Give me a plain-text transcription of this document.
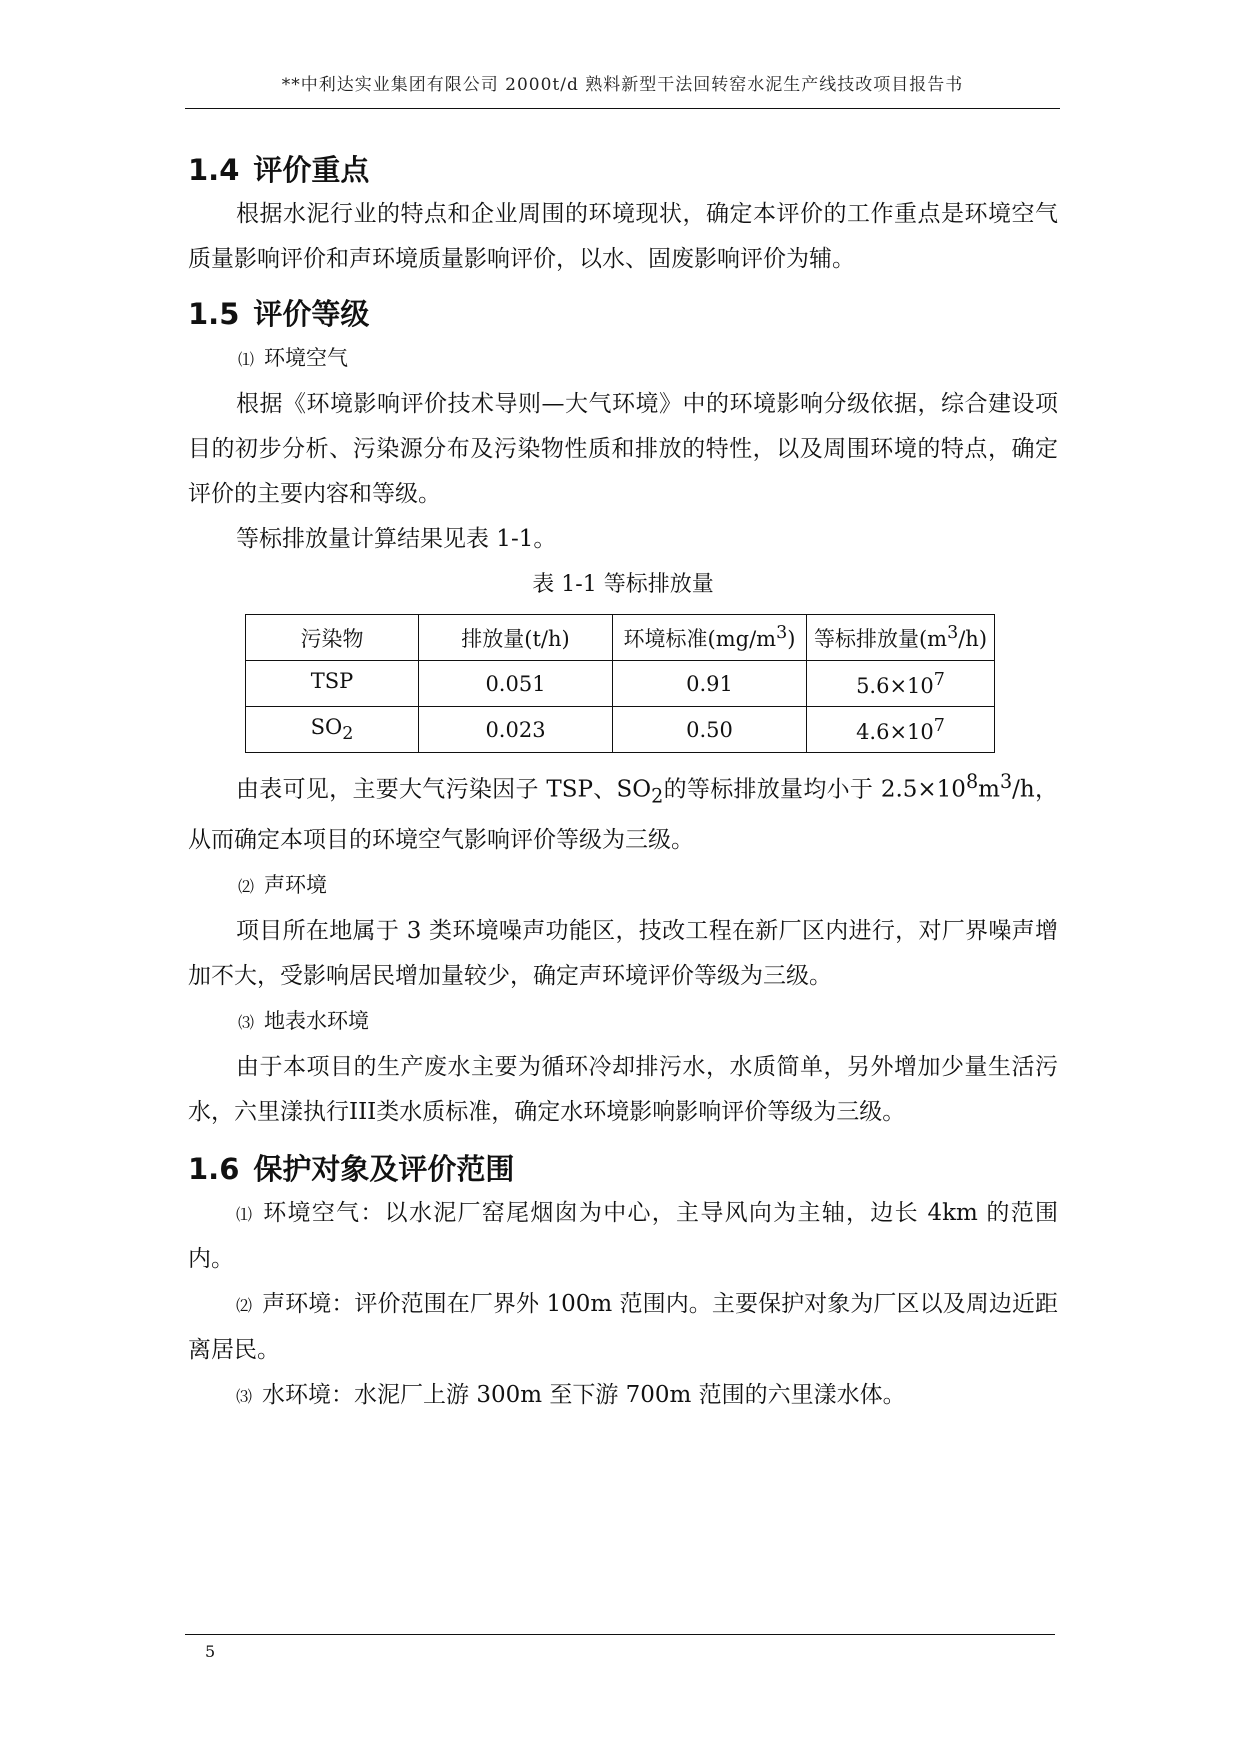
**中利达实业集团有限公司 2000t/d 熟料新型干法回转窑水泥生产线技改项目报告书
1.4 评价重点

根据水泥行业的特点和企业周围的环境现状，确定本评价的工作重点是环境空气质量影响评价和声环境质量影响评价，以水、固废影响评价为辅。

1.5 评价等级
⑴ 环境空气

根据《环境影响评价技术导则—大气环境》中的环境影响分级依据，综合建设项目的初步分析、污染源分布及污染物性质和排放的特性，以及周围环境的特点，确定评价的主要内容和等级。

等标排放量计算结果见表 1-1。

表 1-1 等标排放量
污染物	排放量(t/h)	环境标准$(mg/m^3)$	等标排放量$(m^3/h)$
TSP	0.051	0.91	$5.6\times 10^7$
$SO_2$	0.023	0.50	$4.6\times 10^7$

由表可见，主要大气污染因子 TSP、$SO_2$的等标排放量均小于 $2.5\times 10^8m^3/h$，从而确定本项目的环境空气影响评价等级为三级。

⑵ 声环境

项目所在地属于 3 类环境噪声功能区，技改工程在新厂区内进行，对厂界噪声增加不大，受影响居民增加量较少，确定声环境评价等级为三级。

⑶ 地表水环境

由于本项目的生产废水主要为循环冷却排污水，水质简单，另外增加少量生活污水，六里漾执行III类水质标准，确定水环境影响影响评价等级为三级。

1.6 保护对象及评价范围

⑴ 环境空气：以水泥厂窑尾烟囱为中心，主导风向为主轴，边长 4km 的范围内。

⑵ 声环境：评价范围在厂界外 100m 范围内。主要保护对象为厂区以及周边近距离居民。

⑶ 水环境：水泥厂上游 300m 至下游 700m 范围的六里漾水体。

5
